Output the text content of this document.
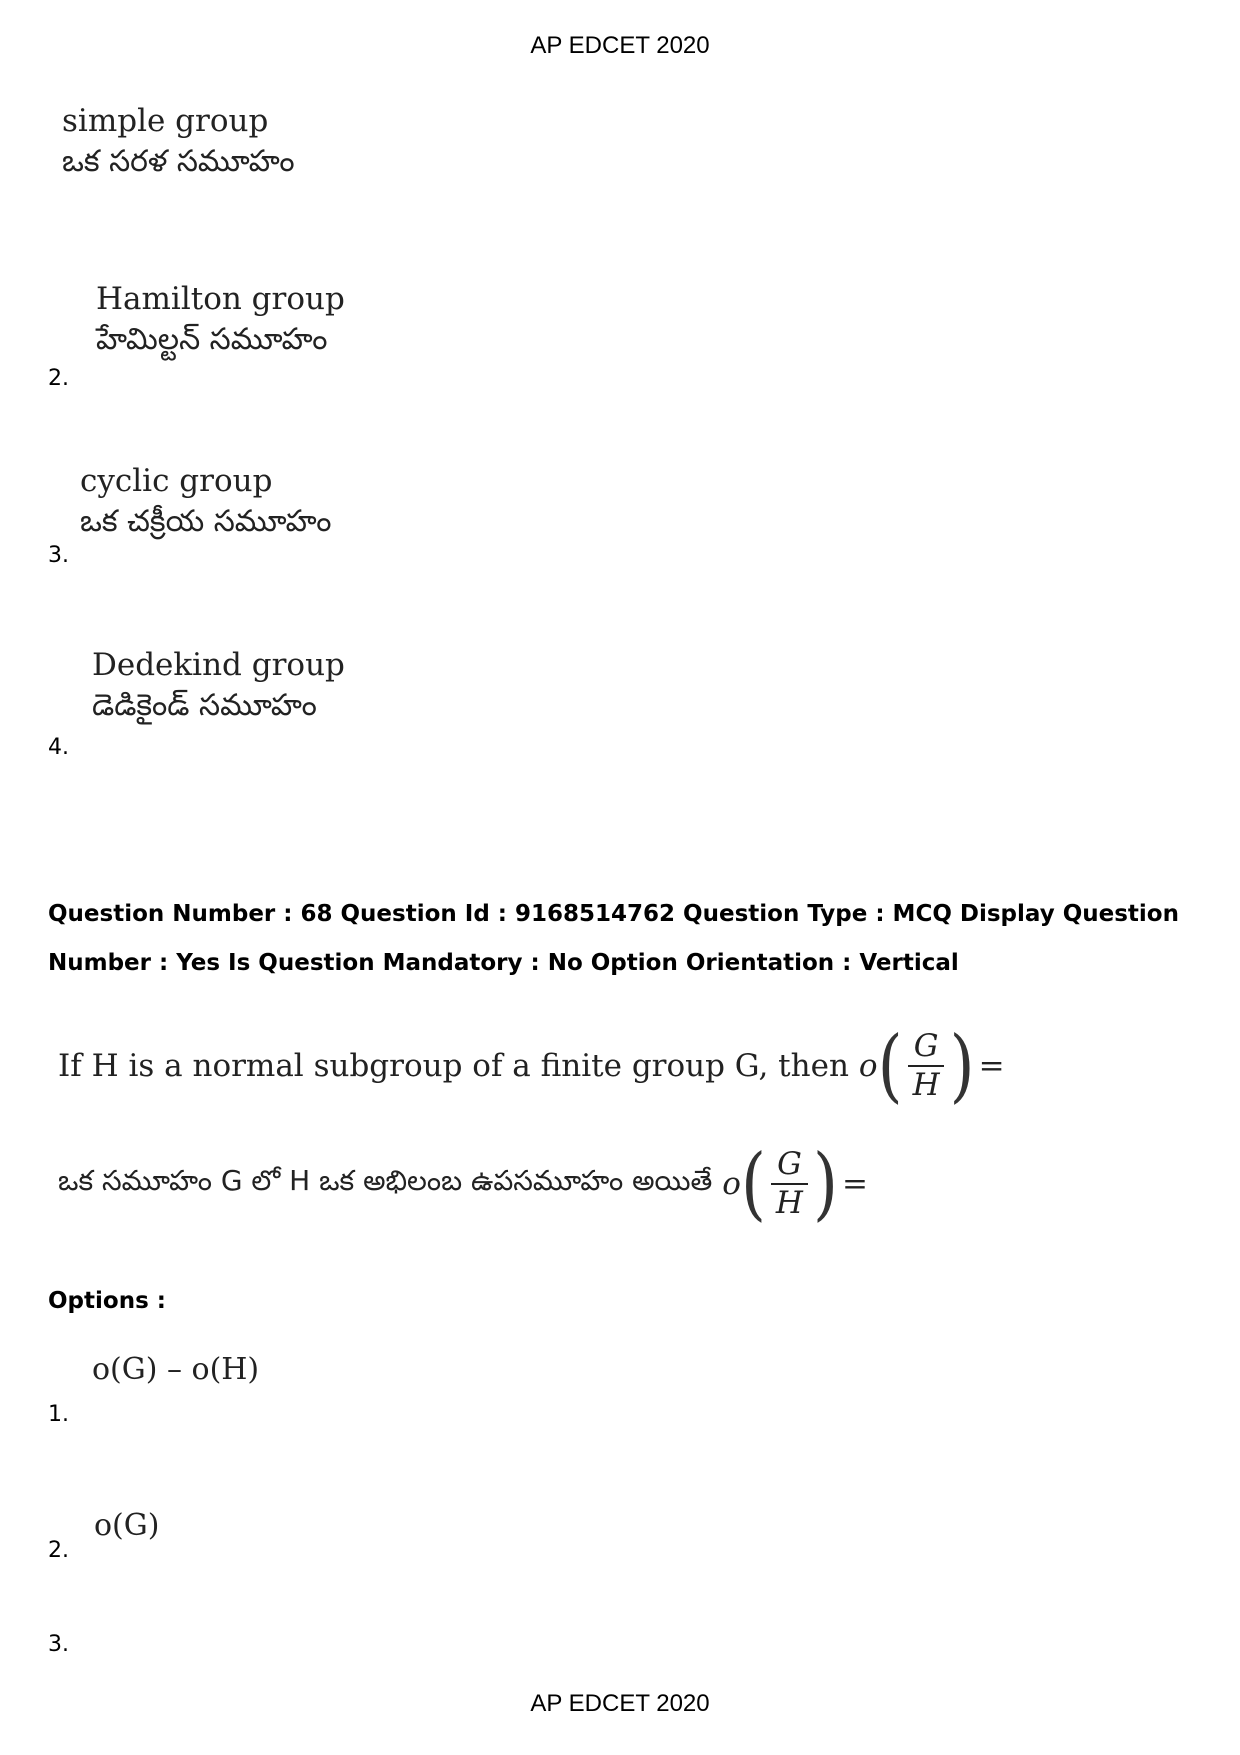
AP EDCET 2020
simple group
ఒక సరళ సమూహం
2.
Hamilton group
హేమిల్టన్ సమూహం
3.
cyclic group
ఒక చక్రీయ సమూహం
4.
Dedekind group
డెడికైండ్ సమూహం
Question Number : 68 Question Id : 9168514762 Question Type : MCQ Display Question
Number : Yes Is Question Mandatory : No Option Orientation : Vertical
If H is a normal subgroup of a finite group G, then o ( $\frac{G}{H}$ ) =
ఒక సమూహం G లో H ఒక అభిలంబ ఉపసమూహం అయితే o ( $\frac{G}{H}$ ) =
Options :
1.
o(G) – o(H)
2.
o(G)
3.
AP EDCET 2020
